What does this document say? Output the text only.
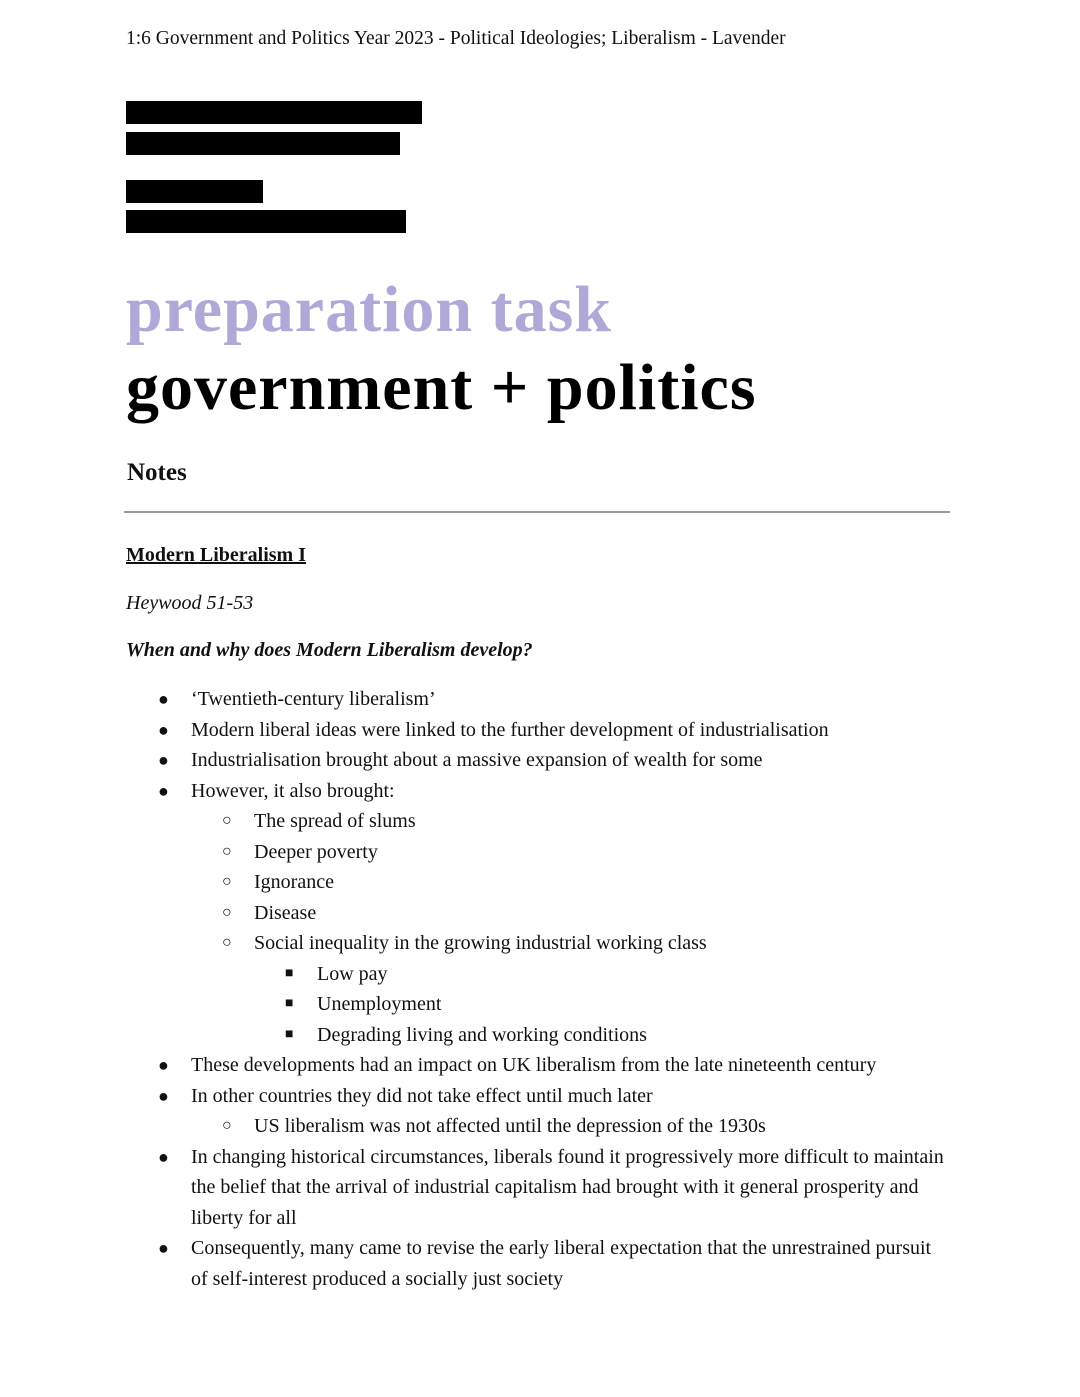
1:6 Government and Politics Year 2023 - Political Ideologies; Liberalism - Lavender
preparation task
government + politics
Notes
Modern Liberalism I
Heywood 51-53
When and why does Modern Liberalism develop?
● ‘Twentieth-century liberalism’
● Modern liberal ideas were linked to the further development of industrialisation
● Industrialisation brought about a massive expansion of wealth for some
● However, it also brought:
○ The spread of slums
○ Deeper poverty
○ Ignorance
○ Disease
○ Social inequality in the growing industrial working class
■ Low pay
■ Unemployment
■ Degrading living and working conditions
● These developments had an impact on UK liberalism from the late nineteenth century
● In other countries they did not take effect until much later
○ US liberalism was not affected until the depression of the 1930s
● In changing historical circumstances, liberals found it progressively more difficult to maintain the belief that the arrival of industrial capitalism had brought with it general prosperity and liberty for all
● Consequently, many came to revise the early liberal expectation that the unrestrained pursuit of self-interest produced a socially just society
